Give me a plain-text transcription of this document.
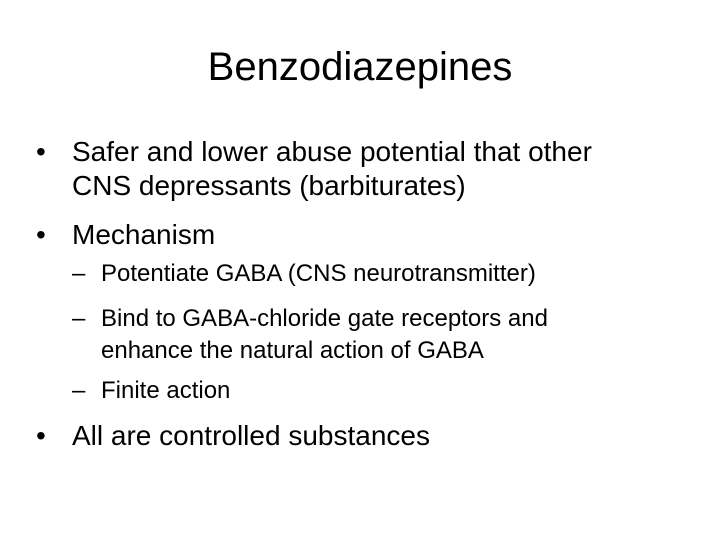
Benzodiazepines
• Safer and lower abuse potential that other
CNS depressants (barbiturates)
• Mechanism
– Potentiate GABA (CNS neurotransmitter)
– Bind to GABA-chloride gate receptors and
enhance the natural action of GABA
– Finite action
• All are controlled substances
